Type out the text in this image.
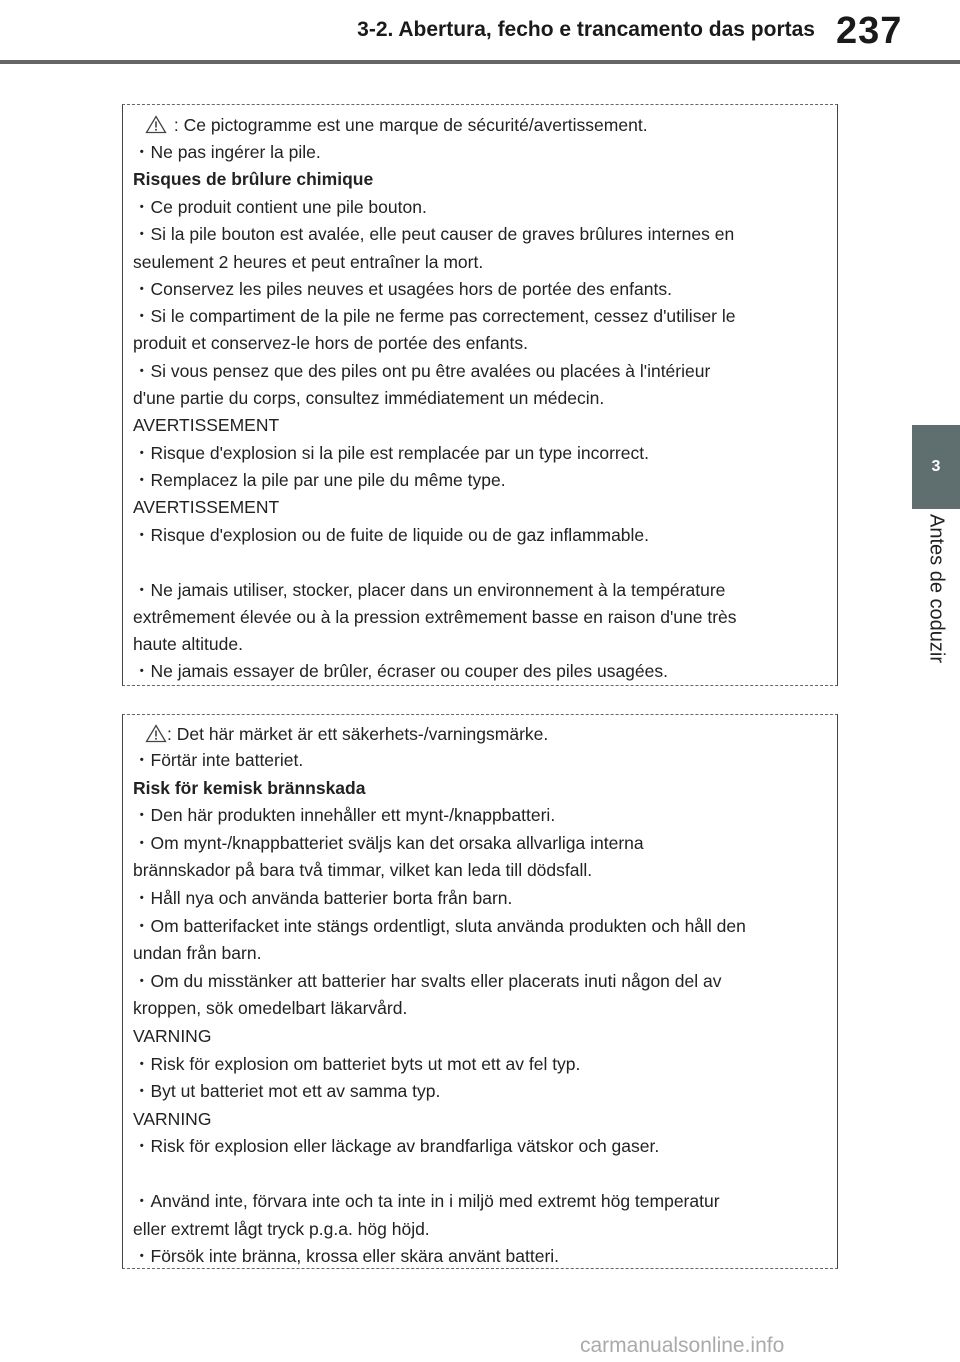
3-2. Abertura, fecho e trancamento das portas 237
3
Antes de coduzir
: Ce pictogramme est une marque de sécurité/avertissement.
・Ne pas ingérer la pile.
Risques de brûlure chimique
・Ce produit contient une pile bouton.
・Si la pile bouton est avalée, elle peut causer de graves brûlures internes en
seulement 2 heures et peut entraîner la mort.
・Conservez les piles neuves et usagées hors de portée des enfants.
・Si le compartiment de la pile ne ferme pas correctement, cessez d'utiliser le
produit et conservez-le hors de portée des enfants.
・Si vous pensez que des piles ont pu être avalées ou placées à l'intérieur
d'une partie du corps, consultez immédiatement un médecin.
AVERTISSEMENT
・Risque d'explosion si la pile est remplacée par un type incorrect.
・Remplacez la pile par une pile du même type.
AVERTISSEMENT
・Risque d'explosion ou de fuite de liquide ou de gaz inflammable.
・Ne jamais utiliser, stocker, placer dans un environnement à la température
extrêmement élevée ou à la pression extrêmement basse en raison d'une très
haute altitude.
・Ne jamais essayer de brûler, écraser ou couper des piles usagées.
: Det här märket är ett säkerhets-/varningsmärke.
・Förtär inte batteriet.
Risk för kemisk brännskada
・Den här produkten innehåller ett mynt-/knappbatteri.
・Om mynt-/knappbatteriet sväljs kan det orsaka allvarliga interna
brännskador på bara två timmar, vilket kan leda till dödsfall.
・Håll nya och använda batterier borta från barn.
・Om batterifacket inte stängs ordentligt, sluta använda produkten och håll den
undan från barn.
・Om du misstänker att batterier har svalts eller placerats inuti någon del av
kroppen, sök omedelbart läkarvård.
VARNING
・Risk för explosion om batteriet byts ut mot ett av fel typ.
・Byt ut batteriet mot ett av samma typ.
VARNING
・Risk för explosion eller läckage av brandfarliga vätskor och gaser.
・Använd inte, förvara inte och ta inte in i miljö med extremt hög temperatur
eller extremt lågt tryck p.g.a. hög höjd.
・Försök inte bränna, krossa eller skära använt batteri.
carmanualsonline.info
